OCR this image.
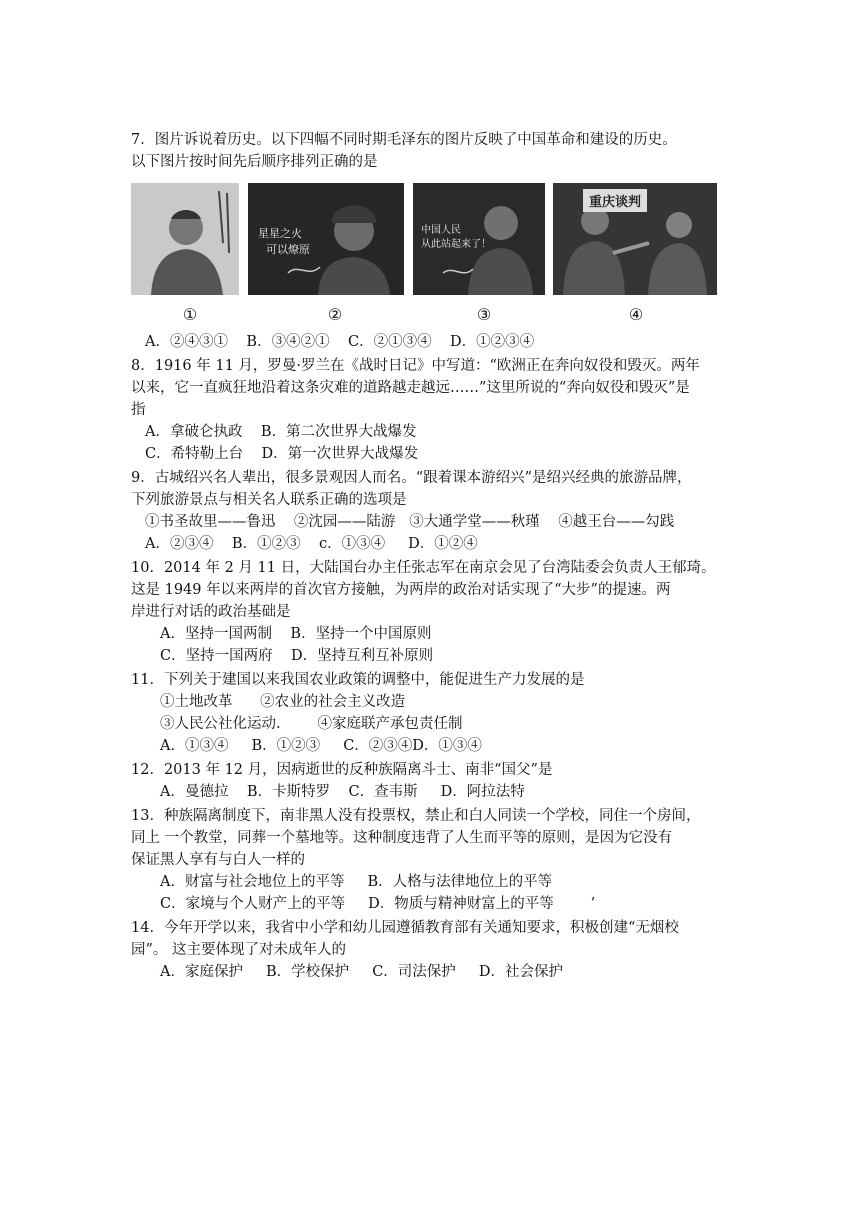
7．图片诉说着历史。以下四幅不同时期毛泽东的图片反映了中国革命和建设的历史。
以下图片按时间先后顺序排列正确的是
星星之火
可以燎原
中国人民
从此站起来了！
重庆谈判
①	②	③	④
A．②④③①    B．③④②①    C．②①③④    D．①②③④
8．1916 年 11 月，罗曼·罗兰在《战时日记》中写道：“欧洲正在奔向奴役和毁灭。两年
以来，它一直疯狂地沿着这条灾难的道路越走越远……”这里所说的“奔向奴役和毁灭”是
指
A．拿破仑执政    B．第二次世界大战爆发
C．希特勒上台    D．第一次世界大战爆发
9．古城绍兴名人辈出，很多景观因人而名。“跟着课本游绍兴”是绍兴经典的旅游品牌，
下列旅游景点与相关名人联系正确的选项是
①书圣故里——鲁迅    ②沈园——陆游   ③大通学堂——秋瑾    ④越王台——勾践
A．②③④    B．①②③    c．①③④     D．①②④
10．2014 年 2 月 11 日，大陆国台办主任张志军在南京会见了台湾陆委会负责人王郁琦。
这是 1949 年以来两岸的首次官方接触，为两岸的政治对话实现了“大步”的提速。两
岸进行对话的政治基础是
A．坚持一国两制    B．坚持一个中国原则
C．坚持一国两府    D．坚持互利互补原则
11．下列关于建国以来我国农业政策的调整中，能促进生产力发展的是
①土地改革      ②农业的社会主义改造
③人民公社化运动.        ④家庭联产承包责任制
A．①③④     B．①②③     C．②③④D．①③④
12．2013 年 12 月，因病逝世的反种族隔离斗士、南非“国父”是
A．曼德拉    B．卡斯特罗    C．查韦斯     D．阿拉法特
13．种族隔离制度下，南非黑人没有投票权，禁止和白人同读一个学校，同住一个房间，
同上 一个教堂，同葬一个墓地等。这种制度违背了人生而平等的原则，是因为它没有
保证黑人享有与白人一样的
A．财富与社会地位上的平等     B．人格与法律地位上的平等
C．家境与个人财产上的平等     D．物质与精神财富上的平等        ’
14．今年开学以来，我省中小学和幼儿园遵循教育部有关通知要求，积极创建“无烟校
园”。 这主要体现了对未成年人的
A．家庭保护     B．学校保护     C．司法保护     D．社会保护
